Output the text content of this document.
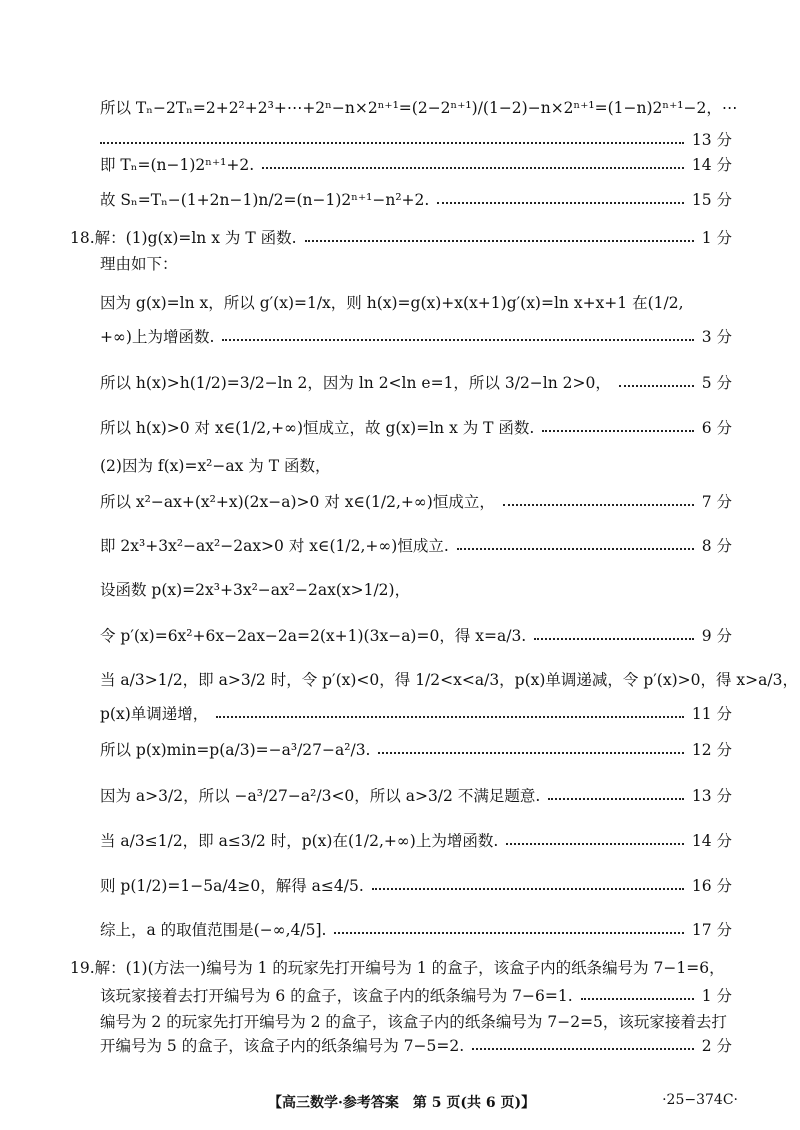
所以 Tₙ−2Tₙ=2+2²+2³+⋯+2ⁿ−n×2ⁿ⁺¹=(2−2ⁿ⁺¹)/(1−2)−n×2ⁿ⁺¹=(1−n)2ⁿ⁺¹−2，⋯
13 分
即 Tₙ=(n−1)2ⁿ⁺¹+2.	14 分
故 Sₙ=Tₙ−(1+2n−1)n/2=(n−1)2ⁿ⁺¹−n²+2.	15 分
18.解：(1)g(x)=ln x 为 T 函数.	1 分
理由如下：
因为 g(x)=ln x，所以 g′(x)=1/x，则 h(x)=g(x)+x(x+1)g′(x)=ln x+x+1 在(1/2,
+∞)上为增函数.	3 分
所以 h(x)>h(1/2)=3/2−ln 2，因为 ln 2<ln e=1，所以 3/2−ln 2>0，	5 分
所以 h(x)>0 对 x∈(1/2,+∞)恒成立，故 g(x)=ln x 为 T 函数.	6 分
(2)因为 f(x)=x²−ax 为 T 函数，
所以 x²−ax+(x²+x)(2x−a)>0 对 x∈(1/2,+∞)恒成立，	7 分
即 2x³+3x²−ax²−2ax>0 对 x∈(1/2,+∞)恒成立.	8 分
设函数 p(x)=2x³+3x²−ax²−2ax(x>1/2)，
令 p′(x)=6x²+6x−2ax−2a=2(x+1)(3x−a)=0，得 x=a/3.	9 分
当 a/3>1/2，即 a>3/2 时，令 p′(x)<0，得 1/2<x<a/3，p(x)单调递减，令 p′(x)>0，得 x>a/3，
p(x)单调递增，	11 分
所以 p(x)min=p(a/3)=−a³/27−a²/3.	12 分
因为 a>3/2，所以 −a³/27−a²/3<0，所以 a>3/2 不满足题意.	13 分
当 a/3≤1/2，即 a≤3/2 时，p(x)在(1/2,+∞)上为增函数.	14 分
则 p(1/2)=1−5a/4≥0，解得 a≤4/5.	16 分
综上，a 的取值范围是(−∞,4/5].	17 分
19.解：(1)(方法一)编号为 1 的玩家先打开编号为 1 的盒子，该盒子内的纸条编号为 7−1=6，
该玩家接着去打开编号为 6 的盒子，该盒子内的纸条编号为 7−6=1.	1 分
编号为 2 的玩家先打开编号为 2 的盒子，该盒子内的纸条编号为 7−2=5，该玩家接着去打
开编号为 5 的盒子，该盒子内的纸条编号为 7−5=2.	2 分
【高三数学·参考答案　第 5 页(共 6 页)】	·25−374C·
